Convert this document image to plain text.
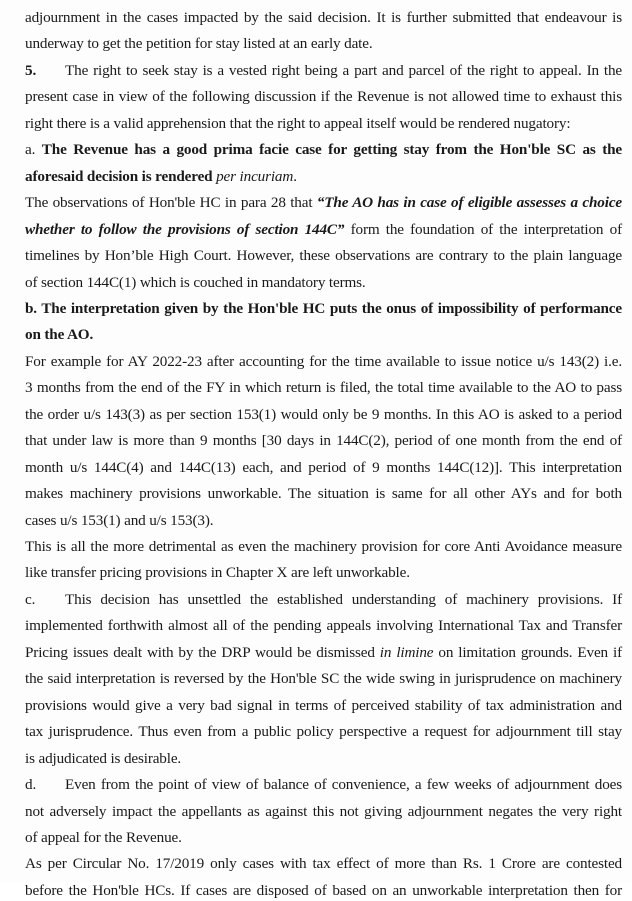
adjournment in the cases impacted by the said decision. It is further submitted that endeavour is
underway to get the petition for stay listed at an early date.
5. The right to seek stay is a vested right being a part and parcel of the right to appeal. In the
present case in view of the following discussion if the Revenue is not allowed time to exhaust this
right there is a valid apprehension that the right to appeal itself would be rendered nugatory:
a. The Revenue has a good prima facie case for getting stay from the Hon'ble SC as the
aforesaid decision is rendered per incuriam.
The observations of Hon'ble HC in para 28 that “The AO has in case of eligible assesses a choice
whether to follow the provisions of section 144C” form the foundation of the interpretation of
timelines by Hon’ble High Court. However, these observations are contrary to the plain language
of section 144C(1) which is couched in mandatory terms.
b. The interpretation given by the Hon'ble HC puts the onus of impossibility of performance
on the AO.
For example for AY 2022-23 after accounting for the time available to issue notice u/s 143(2) i.e.
3 months from the end of the FY in which return is filed, the total time available to the AO to pass
the order u/s 143(3) as per section 153(1) would only be 9 months. In this AO is asked to a period
that under law is more than 9 months [30 days in 144C(2), period of one month from the end of
month u/s 144C(4) and 144C(13) each, and period of 9 months 144C(12)]. This interpretation
makes machinery provisions unworkable. The situation is same for all other AYs and for both
cases u/s 153(1) and u/s 153(3).
This is all the more detrimental as even the machinery provision for core Anti Avoidance measure
like transfer pricing provisions in Chapter X are left unworkable.
c. This decision has unsettled the established understanding of machinery provisions. If
implemented forthwith almost all of the pending appeals involving International Tax and Transfer
Pricing issues dealt with by the DRP would be dismissed in limine on limitation grounds. Even if
the said interpretation is reversed by the Hon'ble SC the wide swing in jurisprudence on machinery
provisions would give a very bad signal in terms of perceived stability of tax administration and
tax jurisprudence. Thus even from a public policy perspective a request for adjournment till stay
is adjudicated is desirable.
d. Even from the point of view of balance of convenience, a few weeks of adjournment does
not adversely impact the appellants as against this not giving adjournment negates the very right
of appeal for the Revenue.
As per Circular No. 17/2019 only cases with tax effect of more than Rs. 1 Crore are contested
before the Hon'ble HCs. If cases are disposed of based on an unworkable interpretation then for
